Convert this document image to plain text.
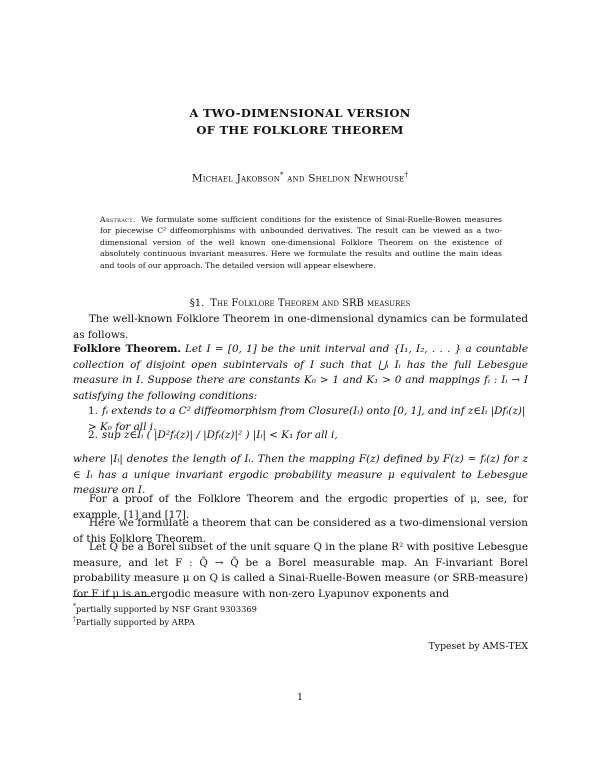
A TWO-DIMENSIONAL VERSION
OF THE FOLKLORE THEOREM
Michael Jakobson* and Sheldon Newhouse†
Abstract. We formulate some sufficient conditions for the existence of Sinai-Ruelle-Bowen measures for piecewise C² diffeomorphisms with unbounded derivatives. The result can be viewed as a two-dimensional version of the well known one-dimensional Folklore Theorem on the existence of absolutely continuous invariant measures. Here we formulate the results and outline the main ideas and tools of our approach. The detailed version will appear elsewhere.
§1. The Folklore Theorem and SRB measures
The well-known Folklore Theorem in one-dimensional dynamics can be formulated as follows.
Folklore Theorem. Let I = [0, 1] be the unit interval and {I₁, I₂, . . . } a countable collection of disjoint open subintervals of I such that ⋃ᵢ Iᵢ has the full Lebesgue measure in I. Suppose there are constants K₀ > 1 and K₁ > 0 and mappings fᵢ : Iᵢ → I satisfying the following conditions:
1. fᵢ extends to a C² diffeomorphism from Closure(Iᵢ) onto [0, 1], and inf z∈Iᵢ |Dfᵢ(z)| > K₀ for all i.
2. sup z∈Iᵢ ( |D²fᵢ(z)| / |Dfᵢ(z)|² ) |Iᵢ| < K₁ for all i,
where |Iᵢ| denotes the length of Iᵢ. Then the mapping F(z) defined by F(z) = fᵢ(z) for z ∈ Iᵢ has a unique invariant ergodic probability measure μ equivalent to Lebesgue measure on I.
For a proof of the Folklore Theorem and the ergodic properties of μ, see, for example, [1] and [17].
Here we formulate a theorem that can be considered as a two-dimensional version of this Folklore Theorem.
*partially supported by NSF Grant 9303369
†Partially supported by ARPA
Typeset by AMS-TEX
1
Let Q̃ be a Borel subset of the unit square Q in the plane R² with positive Lebesgue measure, and let F : Q̃ → Q̃ be a Borel measurable map. An F-invariant Borel probability measure μ on Q is called a Sinai-Ruelle-Bowen measure (or SRB-measure) for F if μ is an ergodic measure with non-zero Lyapunov exponents and
